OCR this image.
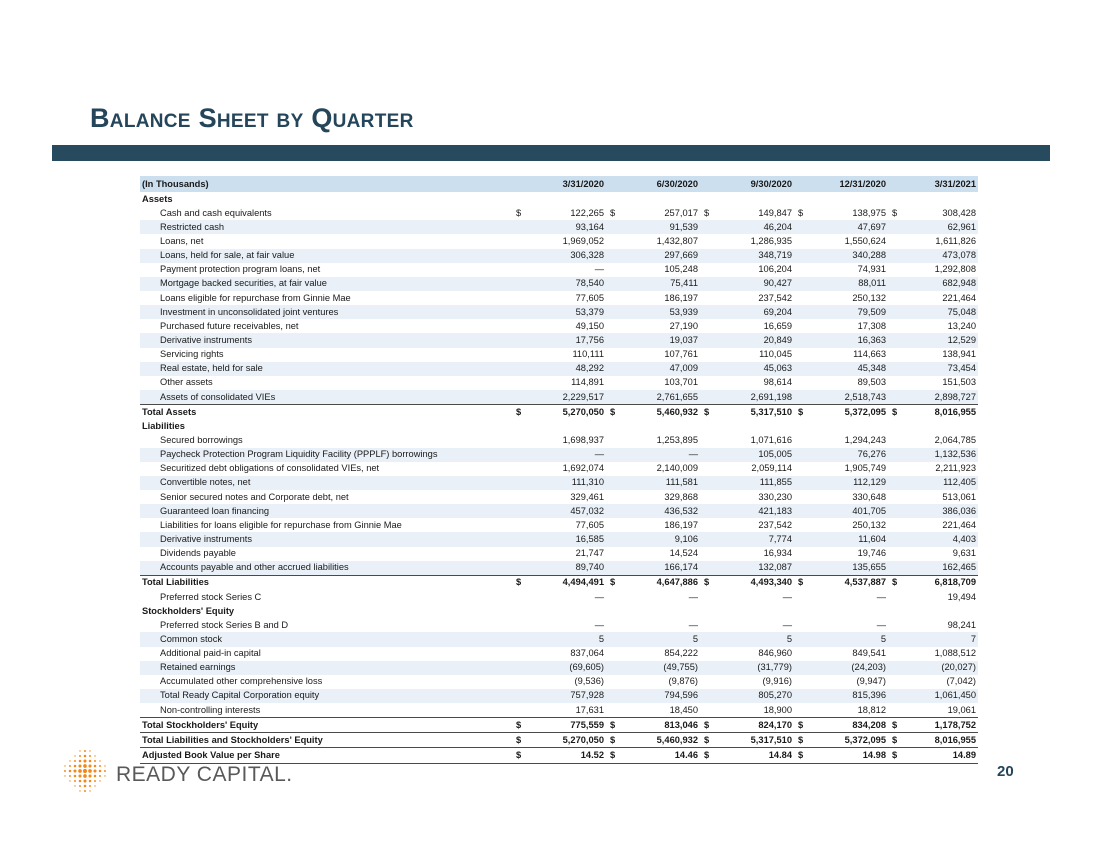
Balance Sheet by Quarter
(In Thousands)		3/31/2020		6/30/2020		9/30/2020		12/31/2020		3/31/2021
Assets										
Cash and cash equivalents	$	122,265	$	257,017	$	149,847	$	138,975	$	308,428
Restricted cash		93,164		91,539		46,204		47,697		62,961
Loans, net		1,969,052		1,432,807		1,286,935		1,550,624		1,611,826
Loans, held for sale, at fair value		306,328		297,669		348,719		340,288		473,078
Payment protection program loans, net		—		105,248		106,204		74,931		1,292,808
Mortgage backed securities, at fair value		78,540		75,411		90,427		88,011		682,948
Loans eligible for repurchase from Ginnie Mae		77,605		186,197		237,542		250,132		221,464
Investment in unconsolidated joint ventures		53,379		53,939		69,204		79,509		75,048
Purchased future receivables, net		49,150		27,190		16,659		17,308		13,240
Derivative instruments		17,756		19,037		20,849		16,363		12,529
Servicing rights		110,111		107,761		110,045		114,663		138,941
Real estate, held for sale		48,292		47,009		45,063		45,348		73,454
Other assets		114,891		103,701		98,614		89,503		151,503
Assets of consolidated VIEs		2,229,517		2,761,655		2,691,198		2,518,743		2,898,727
Total Assets	$	5,270,050	$	5,460,932	$	5,317,510	$	5,372,095	$	8,016,955
Liabilities										
Secured borrowings		1,698,937		1,253,895		1,071,616		1,294,243		2,064,785
Paycheck Protection Program Liquidity Facility (PPPLF) borrowings		—		—		105,005		76,276		1,132,536
Securitized debt obligations of consolidated VIEs, net		1,692,074		2,140,009		2,059,114		1,905,749		2,211,923
Convertible notes, net		111,310		111,581		111,855		112,129		112,405
Senior secured notes and Corporate debt, net		329,461		329,868		330,230		330,648		513,061
Guaranteed loan financing		457,032		436,532		421,183		401,705		386,036
Liabilities for loans eligible for repurchase from Ginnie Mae		77,605		186,197		237,542		250,132		221,464
Derivative instruments		16,585		9,106		7,774		11,604		4,403
Dividends payable		21,747		14,524		16,934		19,746		9,631
Accounts payable and other accrued liabilities		89,740		166,174		132,087		135,655		162,465
Total Liabilities	$	4,494,491	$	4,647,886	$	4,493,340	$	4,537,887	$	6,818,709
Preferred stock Series C		—		—		—		—		19,494
Stockholders' Equity										
Preferred stock Series B and D		—		—		—		—		98,241
Common stock		5		5		5		5		7
Additional paid-in capital		837,064		854,222		846,960		849,541		1,088,512
Retained earnings		(69,605)		(49,755)		(31,779)		(24,203)		(20,027)
Accumulated other comprehensive loss		(9,536)		(9,876)		(9,916)		(9,947)		(7,042)
Total Ready Capital Corporation equity		757,928		794,596		805,270		815,396		1,061,450
Non-controlling interests		17,631		18,450		18,900		18,812		19,061
Total Stockholders' Equity	$	775,559	$	813,046	$	824,170	$	834,208	$	1,178,752
Total Liabilities and Stockholders' Equity	$	5,270,050	$	5,460,932	$	5,317,510	$	5,372,095	$	8,016,955
Adjusted Book Value per Share	$	14.52	$	14.46	$	14.84	$	14.98	$	14.89
READY CAPITAL.	20
